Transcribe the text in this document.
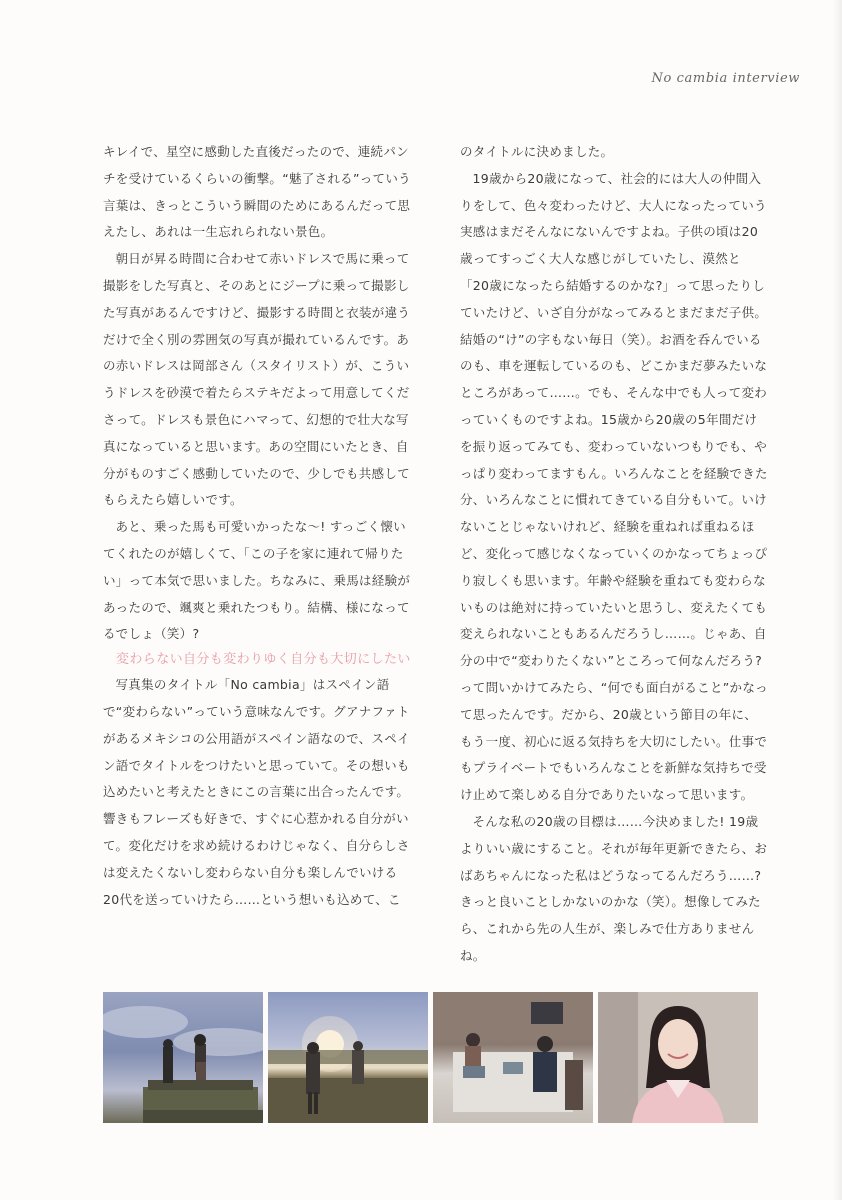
No cambia interview

キレイで、星空に感動した直後だったので、連続パンチを受けているくらいの衝撃。“魅了される”っていう言葉は、きっとこういう瞬間のためにあるんだって思えたし、あれは一生忘れられない景色。

朝日が昇る時間に合わせて赤いドレスで馬に乗って撮影をした写真と、そのあとにジープに乗って撮影した写真があるんですけど、撮影する時間と衣装が違うだけで全く別の雰囲気の写真が撮れているんです。あの赤いドレスは岡部さん（スタイリスト）が、こういうドレスを砂漠で着たらステキだよって用意してくださって。ドレスも景色にハマって、幻想的で壮大な写真になっていると思います。あの空間にいたとき、自分がものすごく感動していたので、少しでも共感してもらえたら嬉しいです。

あと、乗った馬も可愛いかったな〜! すっごく懐いてくれたのが嬉しくて、「この子を家に連れて帰りたい」って本気で思いました。ちなみに、乗馬は経験があったので、颯爽と乗れたつもり。結構、様になってるでしょ（笑）?

変わらない自分も変わりゆく自分も大切にしたい

写真集のタイトル「No cambia」はスペイン語で“変わらない”っていう意味なんです。グアナファトがあるメキシコの公用語がスペイン語なので、スペイン語でタイトルをつけたいと思っていて。その想いも込めたいと考えたときにこの言葉に出合ったんです。響きもフレーズも好きで、すぐに心惹かれる自分がいて。変化だけを求め続けるわけじゃなく、自分らしさは変えたくないし変わらない自分も楽しんでいける20代を送っていけたら……という想いも込めて、こ

のタイトルに決めました。

19歳から20歳になって、社会的には大人の仲間入りをして、色々変わったけど、大人になったっていう実感はまだそんなにないんですよね。子供の頃は20歳ってすっごく大人な感じがしていたし、漠然と「20歳になったら結婚するのかな?」って思ったりしていたけど、いざ自分がなってみるとまだまだ子供。結婚の“け”の字もない毎日（笑）。お酒を呑んでいるのも、車を運転しているのも、どこかまだ夢みたいなところがあって……。でも、そんな中でも人って変わっていくものですよね。15歳から20歳の5年間だけを振り返ってみても、変わっていないつもりでも、やっぱり変わってますもん。いろんなことを経験できた分、いろんなことに慣れてきている自分もいて。いけないことじゃないけれど、経験を重ねれば重ねるほど、変化って感じなくなっていくのかなってちょっぴり寂しくも思います。年齢や経験を重ねても変わらないものは絶対に持っていたいと思うし、変えたくても変えられないこともあるんだろうし……。じゃあ、自分の中で“変わりたくない”ところって何なんだろう? って問いかけてみたら、“何でも面白がること”かなって思ったんです。だから、20歳という節目の年に、もう一度、初心に返る気持ちを大切にしたい。仕事でもプライベートでもいろんなことを新鮮な気持ちで受け止めて楽しめる自分でありたいなって思います。

そんな私の20歳の目標は……今決めました! 19歳よりいい歳にすること。それが毎年更新できたら、おばあちゃんになった私はどうなってるんだろう……? きっと良いことしかないのかな（笑）。想像してみたら、これから先の人生が、楽しみで仕方ありませんね。
